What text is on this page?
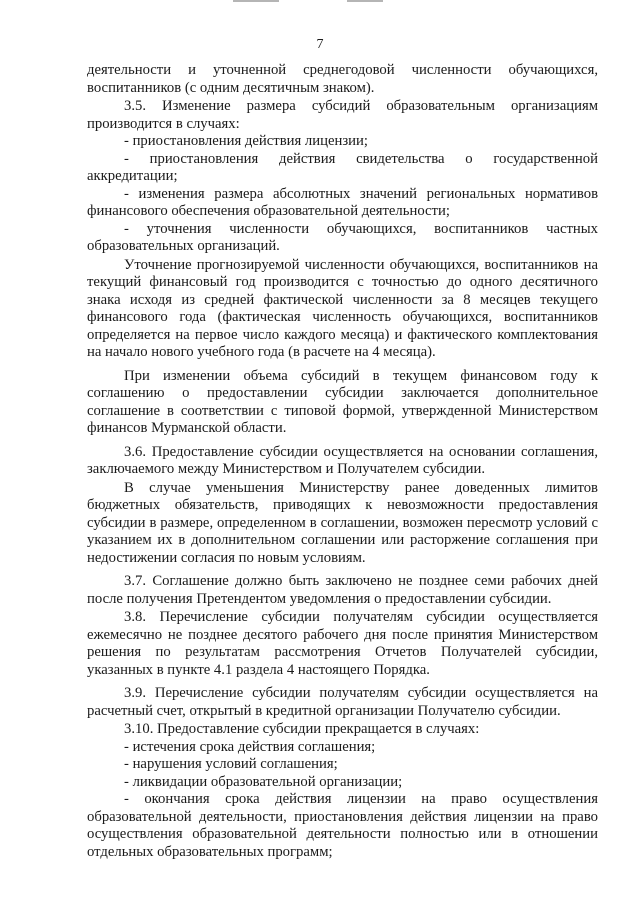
7

деятельности и уточненной среднегодовой численности обучающихся, воспитанников (с одним десятичным знаком).

3.5. Изменение размера субсидий образовательным организациям производится в случаях:

- приостановления действия лицензии;

- приостановления действия свидетельства о государственной аккредитации;

- изменения размера абсолютных значений региональных нормативов финансового обеспечения образовательной деятельности;

- уточнения численности обучающихся, воспитанников частных образовательных организаций.

Уточнение прогнозируемой численности обучающихся, воспитанников на текущий финансовый год производится с точностью до одного десятичного знака исходя из средней фактической численности за 8 месяцев текущего финансового года (фактическая численность обучающихся, воспитанников определяется на первое число каждого месяца) и фактического комплектования на начало нового учебного года (в расчете на 4 месяца).

При изменении объема субсидий в текущем финансовом году к соглашению о предоставлении субсидии заключается дополнительное соглашение в соответствии с типовой формой, утвержденной Министерством финансов Мурманской области.

3.6. Предоставление субсидии осуществляется на основании соглашения, заключаемого между Министерством и Получателем субсидии.

В случае уменьшения Министерству ранее доведенных лимитов бюджетных обязательств, приводящих к невозможности предоставления субсидии в размере, определенном в соглашении, возможен пересмотр условий с указанием их в дополнительном соглашении или расторжение соглашения при недостижении согласия по новым условиям.

3.7. Соглашение должно быть заключено не позднее семи рабочих дней после получения Претендентом уведомления о предоставлении субсидии.

3.8. Перечисление субсидии получателям субсидии осуществляется ежемесячно не позднее десятого рабочего дня после принятия Министерством решения по результатам рассмотрения Отчетов Получателей субсидии, указанных в пункте 4.1 раздела 4 настоящего Порядка.

3.9. Перечисление субсидии получателям субсидии осуществляется на расчетный счет, открытый в кредитной организации Получателю субсидии.

3.10. Предоставление субсидии прекращается в случаях:

- истечения срока действия соглашения;

- нарушения условий соглашения;

- ликвидации образовательной организации;

- окончания срока действия лицензии на право осуществления образовательной деятельности, приостановления действия лицензии на право осуществления образовательной деятельности полностью или в отношении отдельных образовательных программ;
